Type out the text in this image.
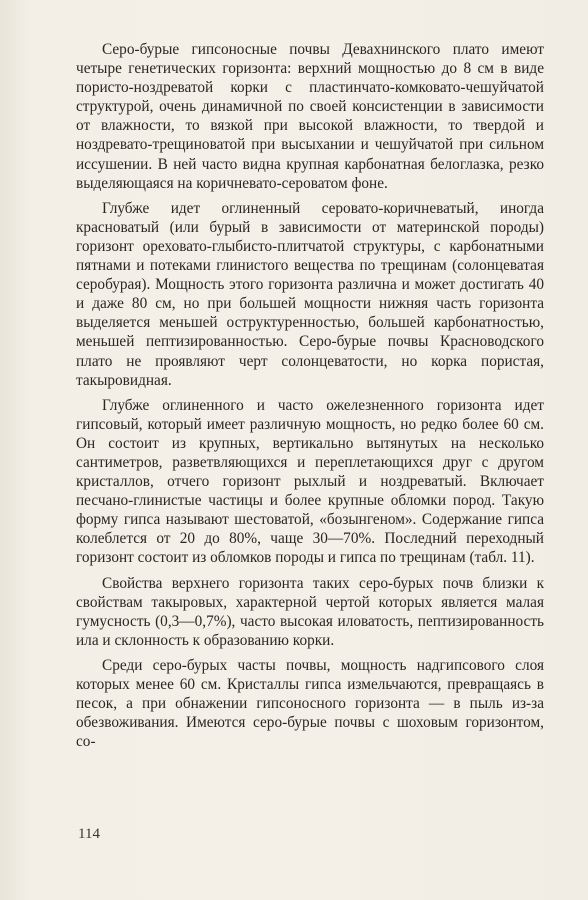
Серо-бурые гипсоносные почвы Девахнинского плато имеют четыре генетических горизонта: верхний мощностью до 8 см в виде пористо-ноздреватой корки с пластинчато-комковато-чешуйчатой структурой, очень динамичной по своей консистенции в зависимости от влажности, то вязкой при высокой влажности, то твердой и ноздревато-трещиноватой при высыхании и чешуйчатой при сильном иссушении. В ней часто видна крупная карбонатная белоглазка, резко выделяющаяся на коричневато-сероватом фоне.

Глубже идет оглиненный серовато-коричневатый, иногда красноватый (или бурый в зависимости от материнской породы) горизонт ореховато-глыбисто-плитчатой структуры, с карбонатными пятнами и потеками глинистого вещества по трещинам (солонцеватая серобурая). Мощность этого горизонта различна и может достигать 40 и даже 80 см, но при большей мощности нижняя часть горизонта выделяется меньшей оструктуренностью, большей карбонатностью, меньшей пептизированностью. Серо-бурые почвы Красноводского плато не проявляют черт солонцеватости, но корка пористая, такыровидная.

Глубже оглиненного и часто ожелезненного горизонта идет гипсовый, который имеет различную мощность, но редко более 60 см. Он состоит из крупных, вертикально вытянутых на несколько сантиметров, разветвляющихся и переплетающихся друг с другом кристаллов, отчего горизонт рыхлый и ноздреватый. Включает песчано-глинистые частицы и более крупные обломки пород. Такую форму гипса называют шестоватой, «бозынгеном». Содержание гипса колеблется от 20 до 80%, чаще 30—70%. Последний переходный горизонт состоит из обломков породы и гипса по трещинам (табл. 11).

Свойства верхнего горизонта таких серо-бурых почв близки к свойствам такыровых, характерной чертой которых является малая гумусность (0,3—0,7%), часто высокая иловатость, пептизированность ила и склонность к образованию корки.

Среди серо-бурых часты почвы, мощность надгипсового слоя которых менее 60 см. Кристаллы гипса измельчаются, превращаясь в песок, а при обнажении гипсоносного горизонта — в пыль из-за обезвоживания. Имеются серо-бурые почвы с шоховым горизонтом, со-

114
